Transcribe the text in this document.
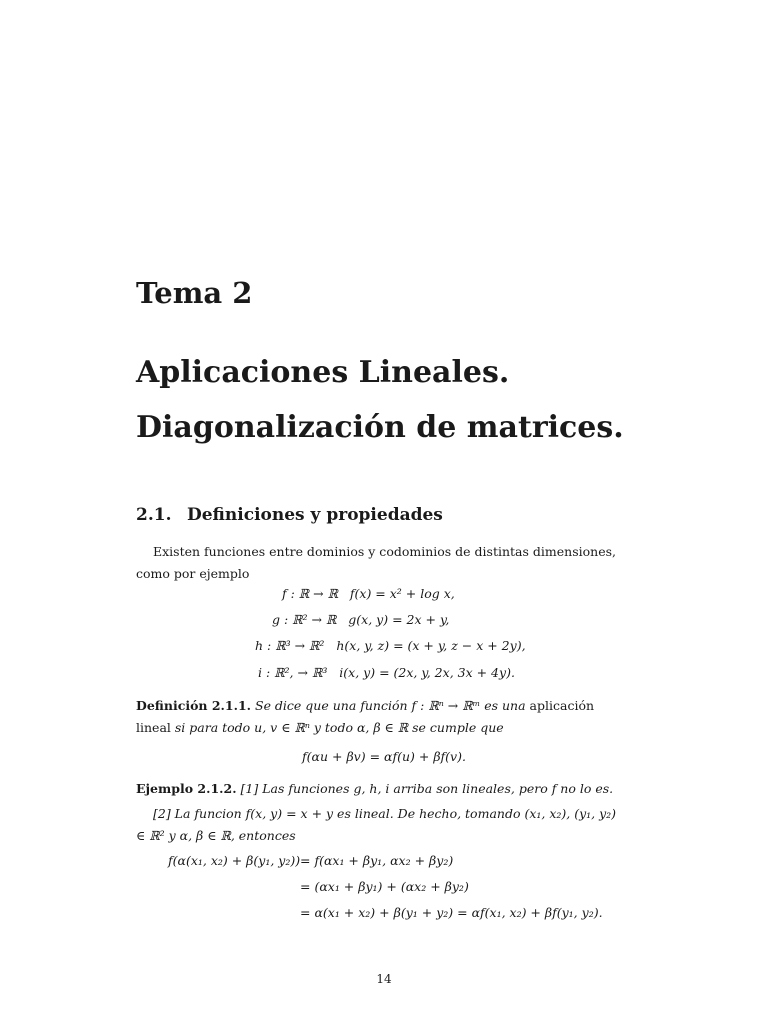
Tema 2
Aplicaciones Lineales.
Diagonalización de matrices.
2.1. Definiciones y propiedades
Existen funciones entre dominios y codominios de distintas dimensiones, como por ejemplo
f : ℝ → ℝ f(x) = x² + log x,
g : ℝ² → ℝ g(x, y) = 2x + y,
h : ℝ³ → ℝ² h(x, y, z) = (x + y, z − x + 2y),
i : ℝ², → ℝ³ i(x, y) = (2x, y, 2x, 3x + 4y).
Definición 2.1.1. Se dice que una función f : ℝⁿ → ℝᵐ es una aplicación lineal si para todo u, v ∈ ℝⁿ y todo α, β ∈ ℝ se cumple que
f(αu + βv) = αf(u) + βf(v).
Ejemplo 2.1.2. [1] Las funciones g, h, i arriba son lineales, pero f no lo es.
[2] La funcion f(x, y) = x + y es lineal. De hecho, tomando (x₁, x₂), (y₁, y₂) ∈ ℝ² y α, β ∈ ℝ, entonces
f(α(x₁, x₂) + β(y₁, y₂)) = f(αx₁ + βy₁, αx₂ + βy₂)
= (αx₁ + βy₁) + (αx₂ + βy₂)
= α(x₁ + x₂) + β(y₁ + y₂) = αf(x₁, x₂) + βf(y₁, y₂).
14
